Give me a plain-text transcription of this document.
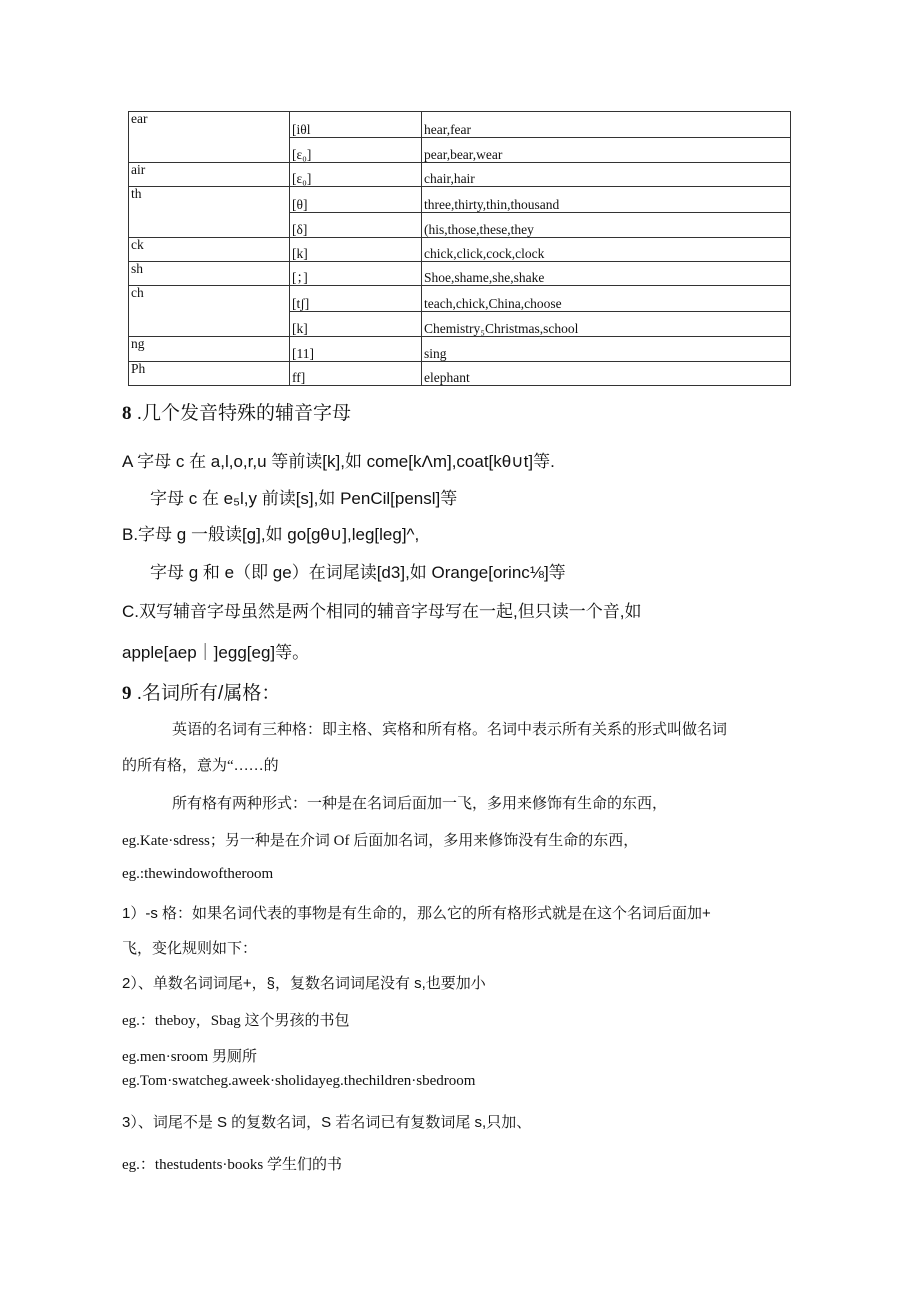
ear	[iθl	hear,fear
	[ɛ₀]	pear,bear,wear
air	[ɛ₀]	chair,hair
th	[θ]	three,thirty,thin,thousand
	[δ]	(his,those,these,they
ck	[k]	chick,click,cock,clock
sh	[；]	Shoe,shame,she,shake
ch	[tʃ]	teach,chick,China,choose
	[k]	Chemistry₅Christmas,school
ng	[11]	sing
Ph	ff]	elephant
8 .几个发音特殊的辅音字母
A 字母 c 在 a,l,o,r,u 等前读[k],如 come[kΛm],coat[kθ∪t]等.
字母 c 在 e₅l,y 前读[s],如 PenCil[pensl]等
B.字母 g 一般读[g],如 go[gθ∪],leg[leg]^,
字母 g 和 e（即 ge）在词尾读[d3],如 Orange[orinc⅛]等
C.双写辅音字母虽然是两个相同的辅音字母写在一起,但只读一个音,如
apple[aep｜]egg[eg]等。
9 .名词所有/属格：
英语的名词有三种格：即主格、宾格和所有格。名词中表示所有关系的形式叫做名词
的所有格，意为“……的
所有格有两种形式：一种是在名词后面加一飞，多用来修饰有生命的东西，
eg.Kate·sdress；另一种是在介词 Of 后面加名词，多用来修饰没有生命的东西，
eg.:thewindowoftheroom
1）-s 格：如果名词代表的事物是有生命的，那么它的所有格形式就是在这个名词后面加+
飞，变化规则如下：
2）、单数名词词尾+，§，复数名词词尾没有 s,也要加小
eg.：theboy，Sbag 这个男孩的书包
eg.men·sroom 男厕所
eg.Tom·swatcheg.aweek·sholidayeg.thechildren·sbedroom
3）、词尾不是 S 的复数名词，S 若名词已有复数词尾 s,只加、
eg.：thestudents·books 学生们的书
